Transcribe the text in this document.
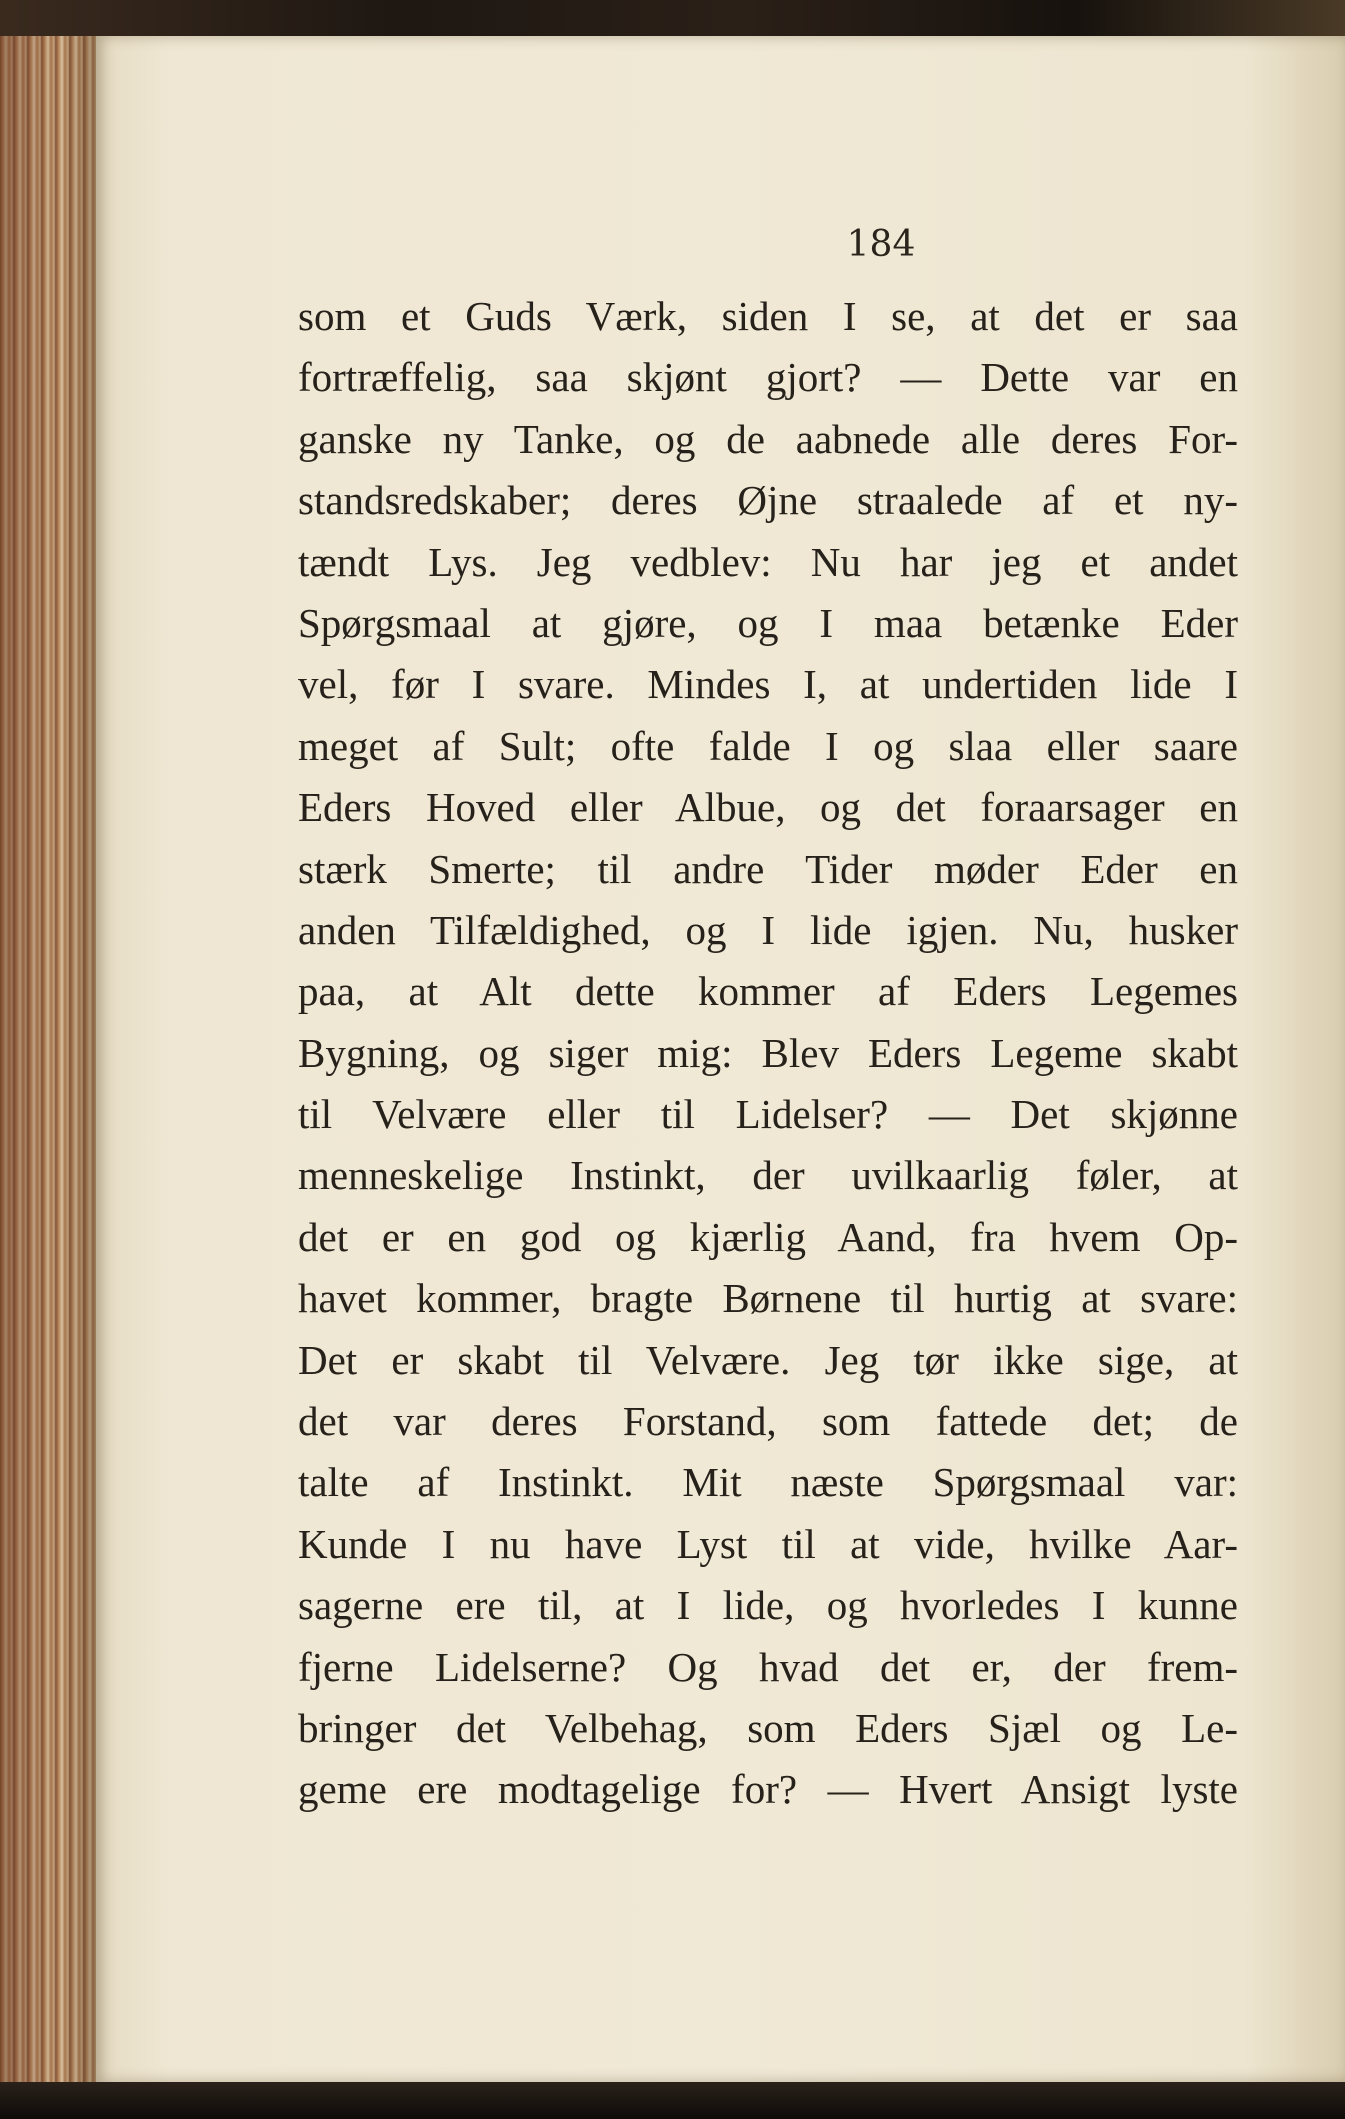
184

som et Guds Værk, siden I se, at det er saa
fortræffelig, saa skjønt gjort? — Dette var en
ganske ny Tanke, og de aabnede alle deres For-
standsredskaber; deres Øjne straalede af et ny-
tændt Lys. Jeg vedblev: Nu har jeg et andet
Spørgsmaal at gjøre, og I maa betænke Eder
vel, før I svare. Mindes I, at undertiden lide I
meget af Sult; ofte falde I og slaa eller saare
Eders Hoved eller Albue, og det foraarsager en
stærk Smerte; til andre Tider møder Eder en
anden Tilfældighed, og I lide igjen. Nu, husker
paa, at Alt dette kommer af Eders Legemes
Bygning, og siger mig: Blev Eders Legeme skabt
til Velvære eller til Lidelser? — Det skjønne
menneskelige Instinkt, der uvilkaarlig føler, at
det er en god og kjærlig Aand, fra hvem Op-
havet kommer, bragte Børnene til hurtig at svare:
Det er skabt til Velvære. Jeg tør ikke sige, at
det var deres Forstand, som fattede det; de
talte af Instinkt. Mit næste Spørgsmaal var:
Kunde I nu have Lyst til at vide, hvilke Aar-
sagerne ere til, at I lide, og hvorledes I kunne
fjerne Lidelserne? Og hvad det er, der frem-
bringer det Velbehag, som Eders Sjæl og Le-
geme ere modtagelige for? — Hvert Ansigt lyste
